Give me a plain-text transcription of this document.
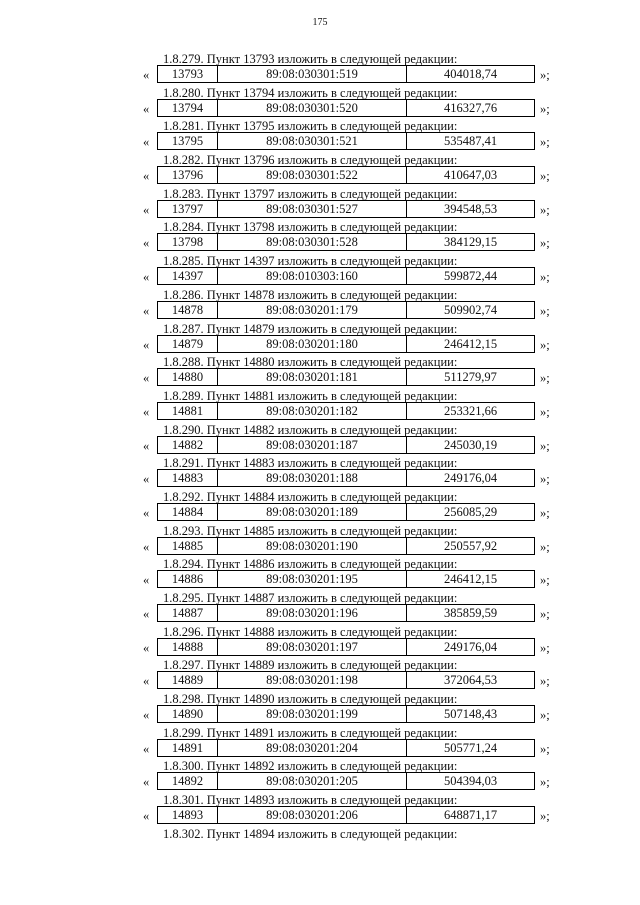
175
1.8.279. Пункт 13793 изложить в следующей редакции:
«	13793	89:08:030301:519	404018,74	»;
1.8.280. Пункт 13794 изложить в следующей редакции:
«	13794	89:08:030301:520	416327,76	»;
1.8.281. Пункт 13795 изложить в следующей редакции:
«	13795	89:08:030301:521	535487,41	»;
1.8.282. Пункт 13796 изложить в следующей редакции:
«	13796	89:08:030301:522	410647,03	»;
1.8.283. Пункт 13797 изложить в следующей редакции:
«	13797	89:08:030301:527	394548,53	»;
1.8.284. Пункт 13798 изложить в следующей редакции:
«	13798	89:08:030301:528	384129,15	»;
1.8.285. Пункт 14397 изложить в следующей редакции:
«	14397	89:08:010303:160	599872,44	»;
1.8.286. Пункт 14878 изложить в следующей редакции:
«	14878	89:08:030201:179	509902,74	»;
1.8.287. Пункт 14879 изложить в следующей редакции:
«	14879	89:08:030201:180	246412,15	»;
1.8.288. Пункт 14880 изложить в следующей редакции:
«	14880	89:08:030201:181	511279,97	»;
1.8.289. Пункт 14881 изложить в следующей редакции:
«	14881	89:08:030201:182	253321,66	»;
1.8.290. Пункт 14882 изложить в следующей редакции:
«	14882	89:08:030201:187	245030,19	»;
1.8.291. Пункт 14883 изложить в следующей редакции:
«	14883	89:08:030201:188	249176,04	»;
1.8.292. Пункт 14884 изложить в следующей редакции:
«	14884	89:08:030201:189	256085,29	»;
1.8.293. Пункт 14885 изложить в следующей редакции:
«	14885	89:08:030201:190	250557,92	»;
1.8.294. Пункт 14886 изложить в следующей редакции:
«	14886	89:08:030201:195	246412,15	»;
1.8.295. Пункт 14887 изложить в следующей редакции:
«	14887	89:08:030201:196	385859,59	»;
1.8.296. Пункт 14888 изложить в следующей редакции:
«	14888	89:08:030201:197	249176,04	»;
1.8.297. Пункт 14889 изложить в следующей редакции:
«	14889	89:08:030201:198	372064,53	»;
1.8.298. Пункт 14890 изложить в следующей редакции:
«	14890	89:08:030201:199	507148,43	»;
1.8.299. Пункт 14891 изложить в следующей редакции:
«	14891	89:08:030201:204	505771,24	»;
1.8.300. Пункт 14892 изложить в следующей редакции:
«	14892	89:08:030201:205	504394,03	»;
1.8.301. Пункт 14893 изложить в следующей редакции:
«	14893	89:08:030201:206	648871,17	»;
1.8.302. Пункт 14894 изложить в следующей редакции:
